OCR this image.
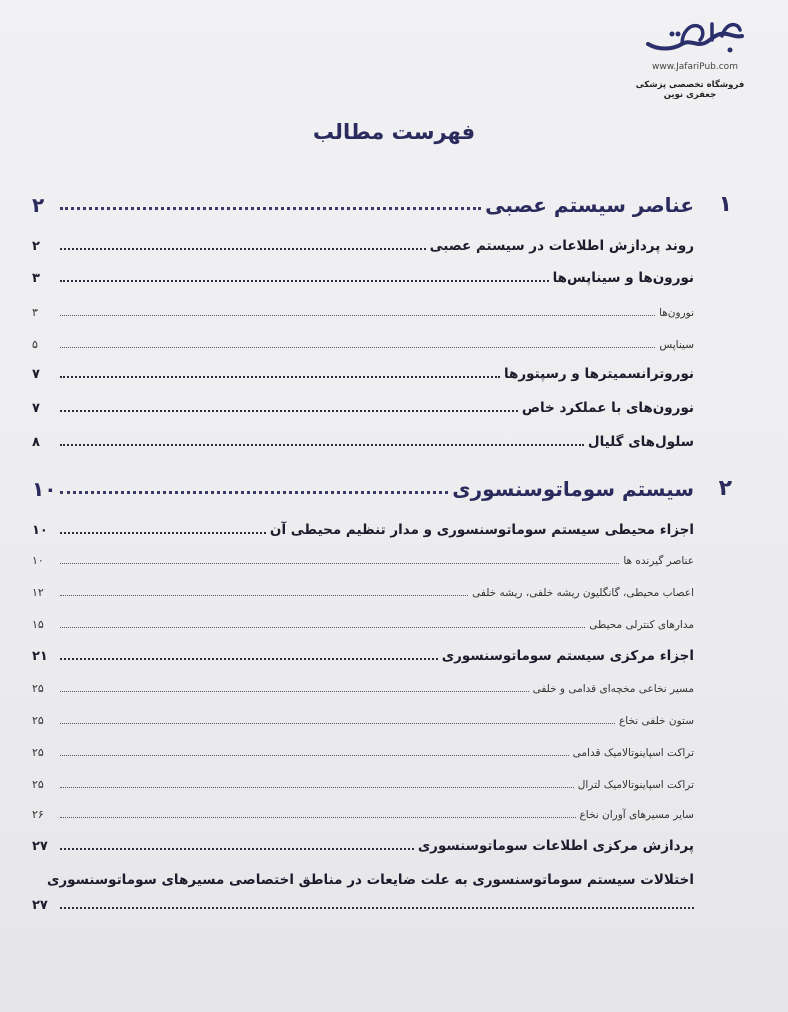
www.JafariPub.com
فروشگاه تخصصی پزشکی جعفری نوین
فهرست مطالب
۱
عناصر سیستم عصبی
۲
روند پردازش اطلاعات در سیستم عصبی
۲
نورون‌ها و سیناپس‌ها
۳
نورون‌ها
۳
سیناپس
۵
نوروترانسمیترها و رسپتورها
۷
نورون‌های با عملکرد خاص
۷
سلول‌های گلیال
۸
۲
سیستم سوماتوسنسوری
۱۰
اجزاء محیطی سیستم سوماتوسنسوری و مدار تنظیم محیطی آن
۱۰
عناصر گیرنده ها
۱۰
اعصاب محیطی، گانگلیون ریشه خلفی، ریشه خلفی
۱۲
مدارهای کنترلی محیطی
۱۵
اجزاء مرکزی سیستم سوماتوسنسوری
۲۱
مسیر نخاعی مخچه‌ای قدامی و خلفی
۲۵
ستون خلفی نخاع
۲۵
تراکت اسپاینوتالامیک قدامی
۲۵
تراکت اسپاینوتالامیک لترال
۲۵
سایر مسیرهای آوران نخاع
۲۶
پردازش مرکزی اطلاعات سوماتوسنسوری
۲۷
اختلالات سیستم سوماتوسنسوری به علت ضایعات در مناطق اختصاصی مسیرهای سوماتوسنسوری
۲۷
